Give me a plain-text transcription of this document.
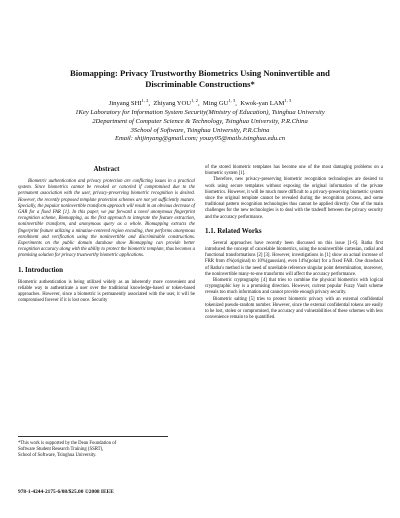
Biomapping: Privacy Trustworthy Biometrics Using Noninvertible and
Discriminable Constructions*
Jinyang SHI$^{1, 2}$,  Zhiyang YOU$^{1, 2}$,  Ming GU$^{1, 3}$,  Kwok-yan LAM$^{1, 3}$
1Key Laboratory for Information System Security(Ministry of Education), Tsinghua University
2Department of Computer Science & Technology, Tsinghua University, P.R.China
3School of Software, Tsinghua University, P.R.China
Email: shijinyang@gmail.com; youzy05@mails.tsinghua.edu.cn
Abstract

Biometric authentication and privacy protection are conflicting issues in a practical system. Since biometrics cannot be revoked or canceled if compromised due to the permanent association with the user, privacy-preserving biometric recognition is desired. However, the recently proposed template protection schemes are not yet sufficiently mature. Specially, the popular noninvertible transform approach will result in an obvious decrease of GAR for a fixed FAR [1]. In this paper, we put forward a novel anonymous fingerprint recognition scheme, Biomapping, as the first approach to integrate the feature extraction, noninvertible transform, and anonymous query as a whole. Biomapping extracts the fingerprint feature utilizing a minutiae-centered region encoding, then performs anonymous enrollment and verification using the noninvertible and discriminable constructions. Experiments on the public domain database show Biomapping can provide better recognition accuracy along with the ability to protect the biometric template, thus becomes a promising solution for privacy trustworthy biometric applications.

1. Introduction

Biometric authentication is being utilized widely as an inherently more convenient and reliable way to authenticate a user over the traditional knowledge-based or token-based approaches. However, since a biometric is permanently associated with the user, it will be compromised forever if it is lost once. Security

*This work is supported by the Dean Foundation of
Software Student Research Training (SSRT),
School of Software, Tsinghua University.

of the stored biometric templates has become one of the most damaging problems on a biometric system [1].

Therefore, new privacy-preserving biometric recognition technologies are desired to work using secure templates without exposing the original information of the private biometrics. However, it will be much more difficult to a privacy-preserving biometric system since the original template cannot be revealed during the recognition process, and some traditional pattern recognition technologies thus cannot be applied directly. One of the main challenges for the new technologies is to deal with the tradeoff between the privacy security and the accuracy performance.

1.1. Related Works

Several approaches have recently been discussed on this issue [1-6]. Ratha first introduced the concept of cancelable biometrics, using the noninvertible cartesian, radial and functional transformations [2] [3]. However, investigations in [1] show an actual increase of FRR from 4%(original) to 10%(gaussian), even 14%(polar) for a fixed FAR. One drawback of Ratha's method is the need of unreliable reference singular point determination, moreover, the noninvertible many-to-one transforms will affect the accuracy performance.

Biometric cryptography [4] that tries to combine the physical biometrics with logical cryptographic key is a promising direction. However, current popular Fuzzy Vault scheme reveals too much information and cannot provide enough privacy security.

Biometric salting [5] tries to protect biometric privacy with an external confidential tokenized pseudo-random number. However, since the external confidential tokens are easily to be lost, stolen or compromised, the accuracy and vulnerabilities of these schemes with less convenience remain to be quantified.

978-1-4244-2175-6/08/$25.00 ©2008 IEEE
